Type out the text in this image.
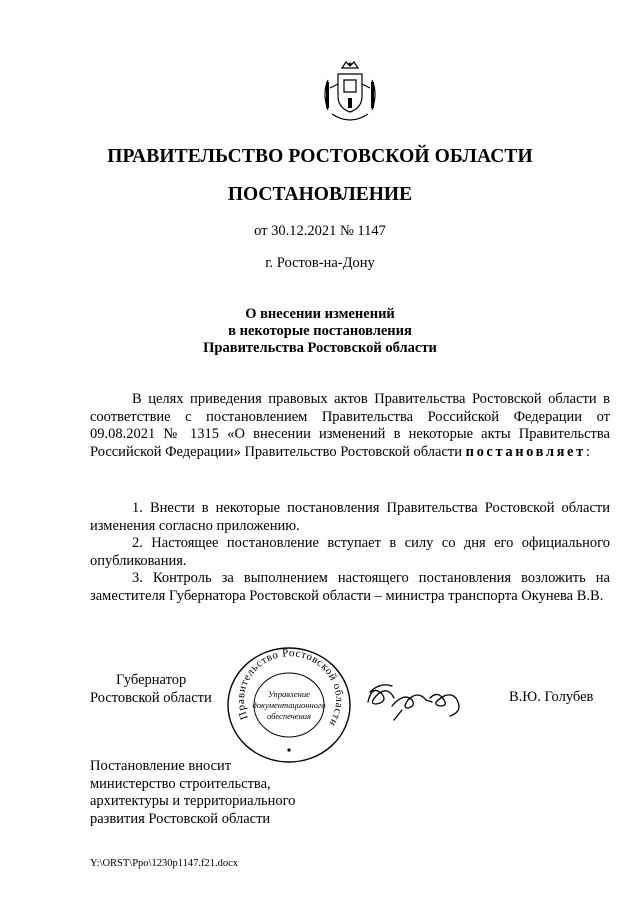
ПРАВИТЕЛЬСТВО РОСТОВСКОЙ ОБЛАСТИ
ПОСТАНОВЛЕНИЕ
от 30.12.2021 № 1147
г. Ростов-на-Дону
О внесении изменений
в некоторые постановления
Правительства Ростовской области
В целях приведения правовых актов Правительства Ростовской области в соответствие с постановлением Правительства Российской Федерации от 09.08.2021 № 1315 «О внесении изменений в некоторые акты Правительства Российской Федерации» Правительство Ростовской области постановляет:
1. Внести в некоторые постановления Правительства Ростовской области изменения согласно приложению.
2. Настоящее постановление вступает в силу со дня его официального опубликования.
3. Контроль за выполнением настоящего постановления возложить на заместителя Губернатора Ростовской области – министра транспорта Окунева В.В.
Губернатор
Ростовской области
Правительство Ростовской области
Управление
документационного
обеспечения
В.Ю. Голубев
Постановление вносит
министерство строительства,
архитектуры и территориального
развития Ростовской области
Y:\ORST\Ppo\1230p1147.f21.docx
